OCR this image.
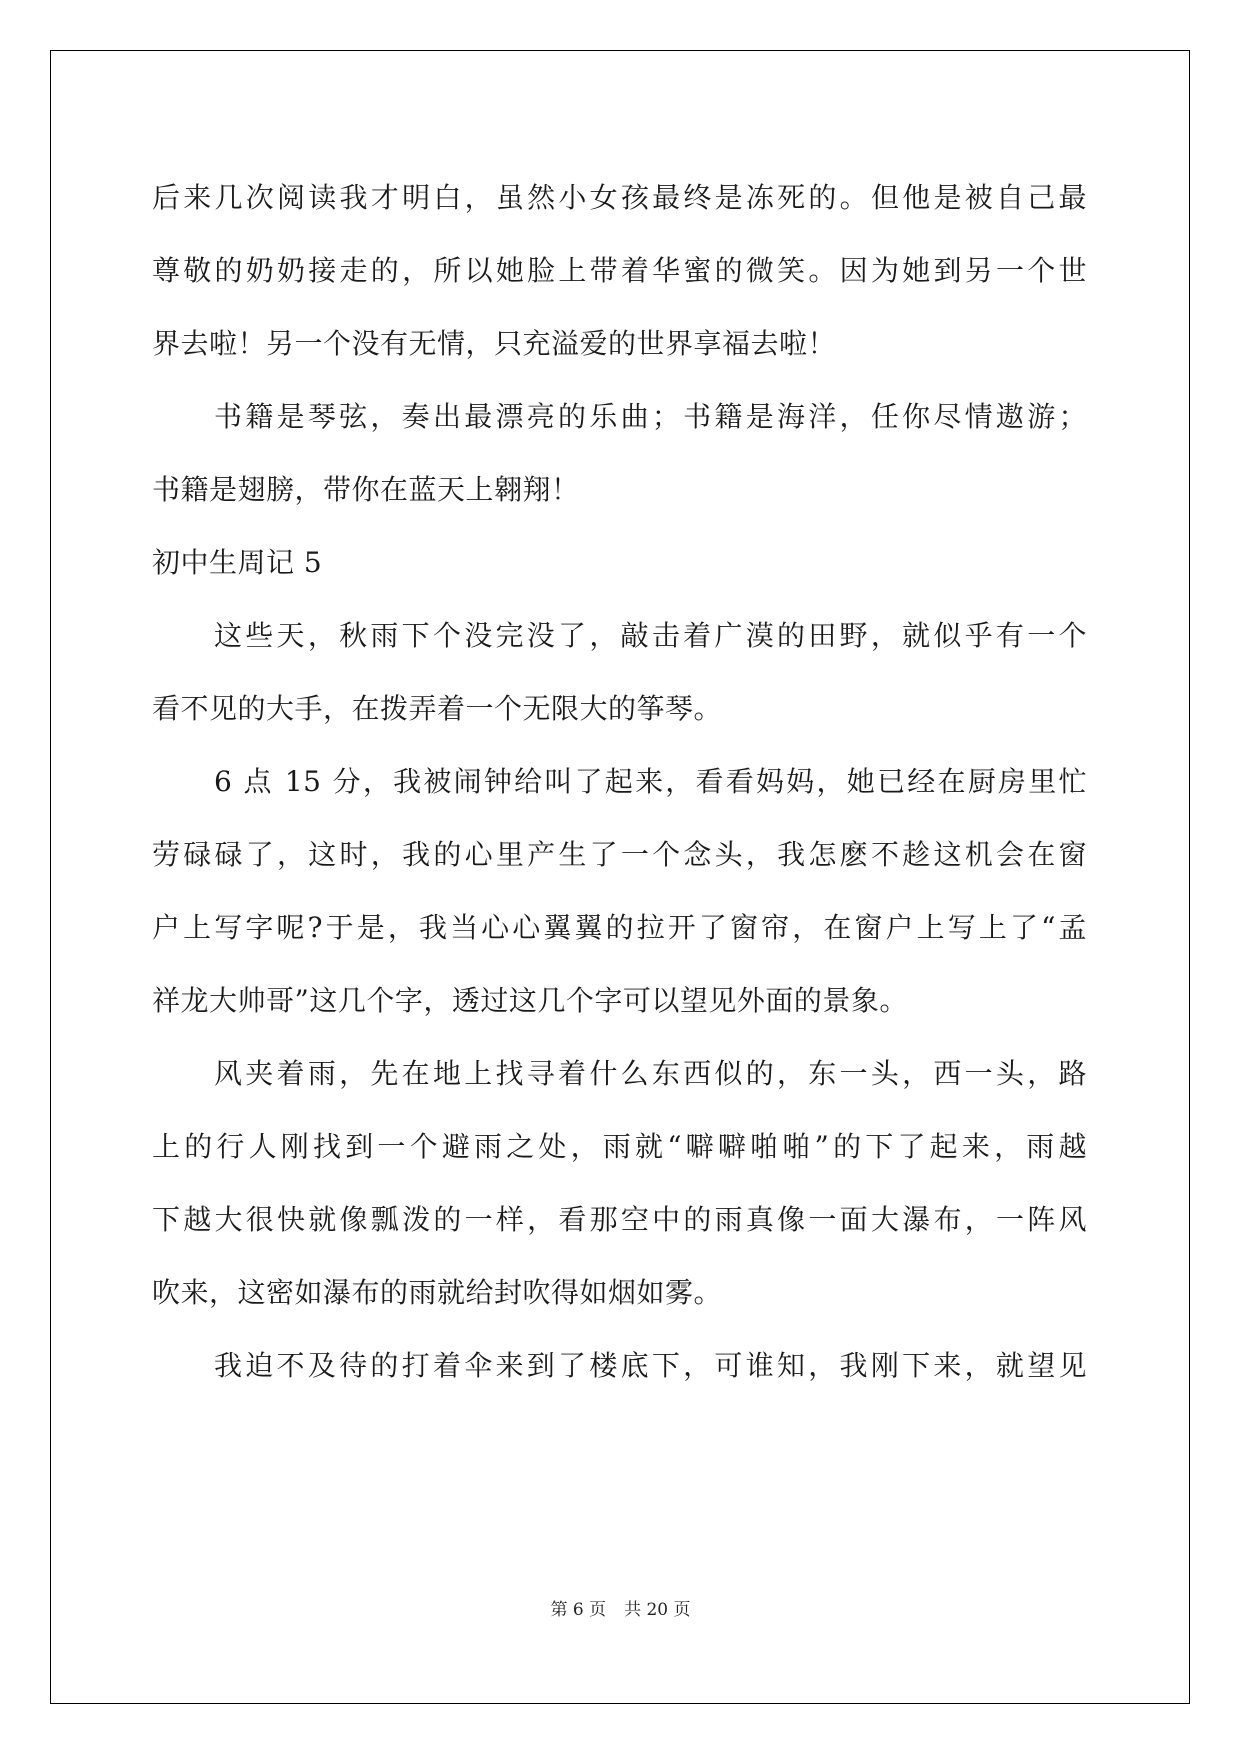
后来几次阅读我才明白，虽然小女孩最终是冻死的。但他是被自己最
尊敬的奶奶接走的，所以她脸上带着华蜜的微笑。因为她到另一个世
界去啦！另一个没有无情，只充溢爱的世界享福去啦！
书籍是琴弦，奏出最漂亮的乐曲；书籍是海洋，任你尽情遨游；
书籍是翅膀，带你在蓝天上翱翔！
初中生周记 5
这些天，秋雨下个没完没了，敲击着广漠的田野，就似乎有一个
看不见的大手，在拨弄着一个无限大的筝琴。
6 点 15 分，我被闹钟给叫了起来，看看妈妈，她已经在厨房里忙
劳碌碌了，这时，我的心里产生了一个念头，我怎麽不趁这机会在窗
户上写字呢?于是，我当心心翼翼的拉开了窗帘，在窗户上写上了“孟
祥龙大帅哥”这几个字，透过这几个字可以望见外面的景象。
风夹着雨，先在地上找寻着什么东西似的，东一头，西一头，路
上的行人刚找到一个避雨之处，雨就“噼噼啪啪”的下了起来，雨越
下越大很快就像瓢泼的一样，看那空中的雨真像一面大瀑布，一阵风
吹来，这密如瀑布的雨就给封吹得如烟如雾。
我迫不及待的打着伞来到了楼底下，可谁知，我刚下来，就望见
第 6 页 共 20 页
